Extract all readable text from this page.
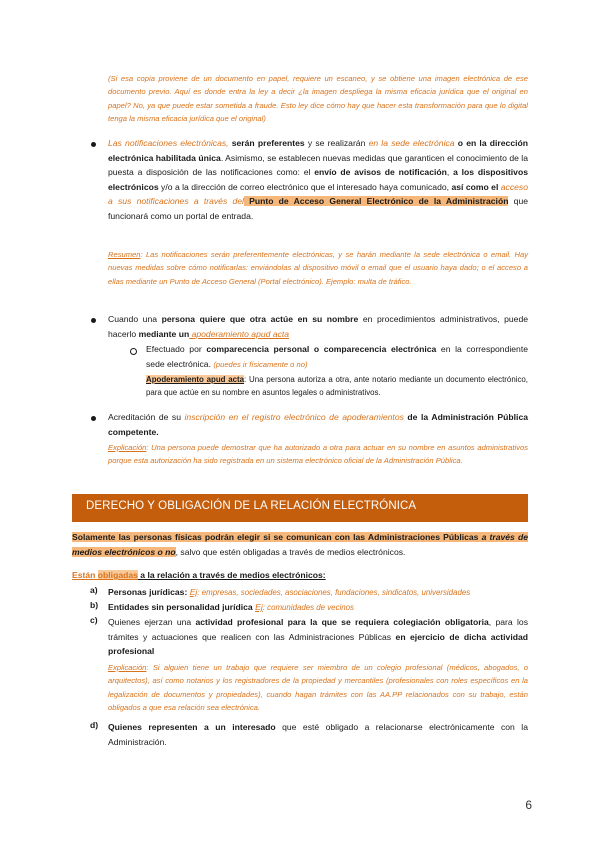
(Si esa copia proviene de un documento en papel, requiere un escaneo, y se obtiene una imagen electrónica de ese documento previo. Aquí es donde entra la ley a decir ¿la imagen despliega la misma eficacia jurídica que el original en papel? No, ya que puede estar sometida a fraude. Esto ley dice cómo hay que hacer esta transformación para que lo digital tenga la misma eficacia jurídica que el original)
Las notificaciones electrónicas, serán preferentes y se realizarán en la sede electrónica o en la dirección electrónica habilitada única. Asimismo, se establecen nuevas medidas que garanticen el conocimiento de la puesta a disposición de las notificaciones como: el envío de avisos de notificación, a los dispositivos electrónicos y/o a la dirección de correo electrónico que el interesado haya comunicado, así como el acceso a sus notificaciones a través del Punto de Acceso General Electrónico de la Administración que funcionará como un portal de entrada.
Resumen: Las notificaciones serán preferentemente electrónicas, y se harán mediante la sede electrónica o email. Hay nuevas medidas sobre cómo notificarlas: enviándolas al dispositivo móvil o email que el usuario haya dado; o el acceso a ellas mediante un Punto de Acceso General (Portal electrónico). Ejemplo: multa de tráfico.
Cuando una persona quiere que otra actúe en su nombre en procedimientos administrativos, puede hacerlo mediante un apoderamiento apud acta
Efectuado por comparecencia personal o comparecencia electrónica en la correspondiente sede electrónica. (puedes ir físicamente o no)
Apoderamiento apud acta: Una persona autoriza a otra, ante notario mediante un documento electrónico, para que actúe en su nombre en asuntos legales o administrativos.
Acreditación de su inscripción en el registro electrónico de apoderamientos de la Administración Pública competente.
Explicación: Una persona puede demostrar que ha autorizado a otra para actuar en su nombre en asuntos administrativos porque esta autorización ha sido registrada en un sistema electrónico oficial de la Administración Pública.
DERECHO Y OBLIGACIÓN DE LA RELACIÓN ELECTRÓNICA
Solamente las personas físicas podrán elegir si se comunican con las Administraciones Públicas a través de medios electrónicos o no, salvo que estén obligadas a través de medios electrónicos.
Están obligadas a la relación a través de medios electrónicos:
a) Personas jurídicas: Ej: empresas, sociedades, asociaciones, fundaciones, sindicatos, universidades
b) Entidades sin personalidad jurídica Ej: comunidades de vecinos
c) Quienes ejerzan una actividad profesional para la que se requiera colegiación obligatoria, para los trámites y actuaciones que realicen con las Administraciones Públicas en ejercicio de dicha actividad profesional
Explicación: Si alguien tiene un trabajo que requiere ser miembro de un colegio profesional (médicos, abogados, o arquitectos), así como notarios y los registradores de la propiedad y mercantiles (profesionales con roles específicos en la legalización de documentos y propiedades), cuando hagan trámites con las AA.PP relacionados con su trabajo, están obligados a que esa relación sea electrónica.
d) Quienes representen a un interesado que esté obligado a relacionarse electrónicamente con la Administración.
6
